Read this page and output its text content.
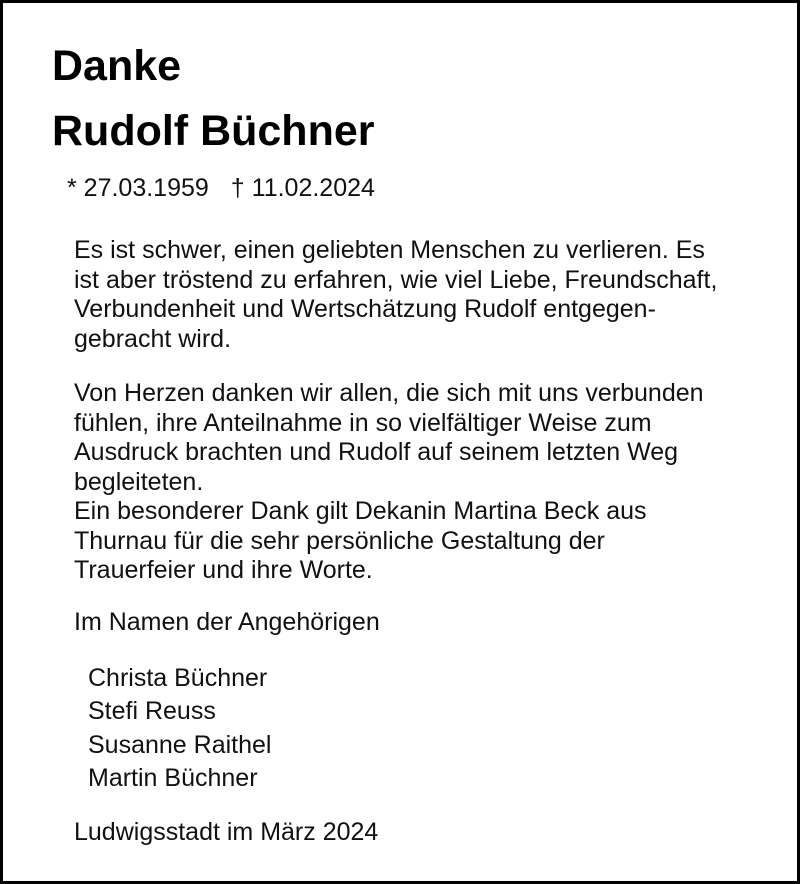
Danke
Rudolf Büchner
* 27.03.1959 † 11.02.2024

Es ist schwer, einen geliebten Menschen zu verlieren. Es
ist aber tröstend zu erfahren, wie viel Liebe, Freundschaft,
Verbundenheit und Wertschätzung Rudolf entgegen-
gebracht wird.

Von Herzen danken wir allen, die sich mit uns verbunden
fühlen, ihre Anteilnahme in so vielfältiger Weise zum
Ausdruck brachten und Rudolf auf seinem letzten Weg
begleiteten.
Ein besonderer Dank gilt Dekanin Martina Beck aus
Thurnau für die sehr persönliche Gestaltung der
Trauerfeier und ihre Worte.

Im Namen der Angehörigen
Christa Büchner
Stefi Reuss
Susanne Raithel
Martin Büchner
Ludwigsstadt im März 2024
